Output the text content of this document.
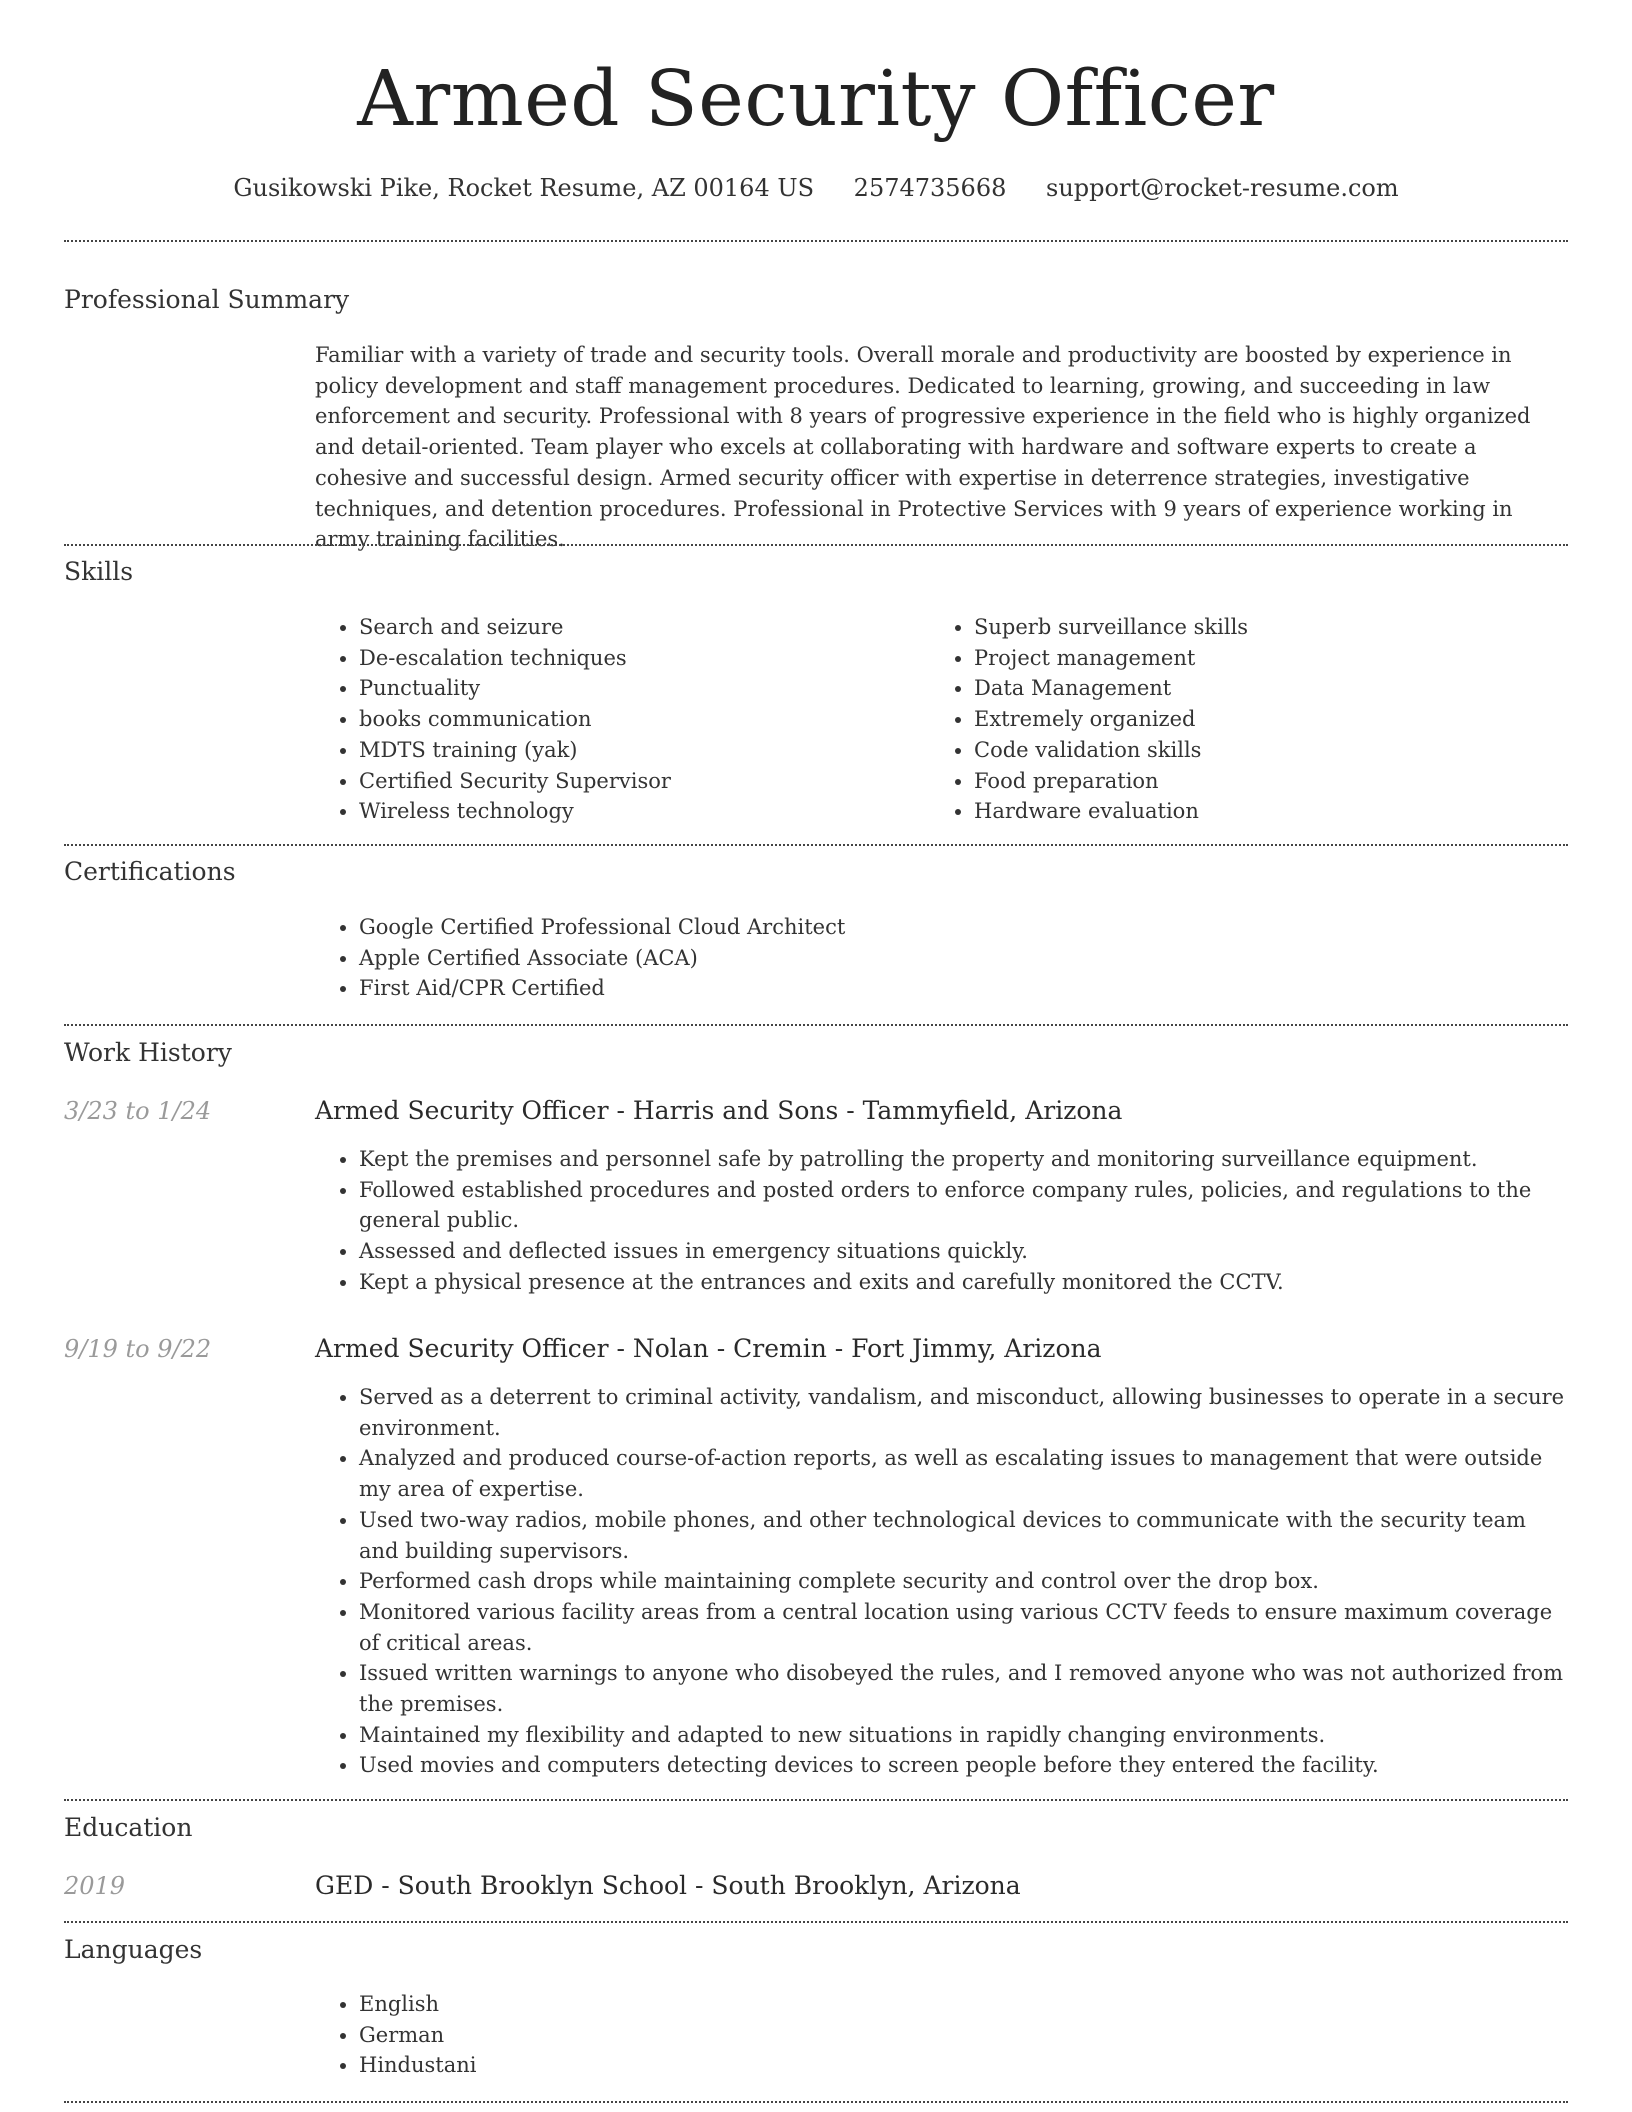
Armed Security Officer
Gusikowski Pike, Rocket Resume, AZ 00164 US 2574735668 support@rocket-resume.com
Professional Summary

Familiar with a variety of trade and security tools. Overall morale and productivity are boosted by experience in policy development and staff management procedures. Dedicated to learning, growing, and succeeding in law enforcement and security. Professional with 8 years of progressive experience in the field who is highly organized and detail-oriented. Team player who excels at collaborating with hardware and software experts to create a cohesive and successful design. Armed security officer with expertise in deterrence strategies, investigative techniques, and detention procedures. Professional in Protective Services with 9 years of experience working in army training facilities.

Skills
• Search and seizure
• De-escalation techniques
• Punctuality
• books communication
• MDTS training (yak)
• Certified Security Supervisor
• Wireless technology
• Superb surveillance skills
• Project management
• Data Management
• Extremely organized
• Code validation skills
• Food preparation
• Hardware evaluation
Certifications
• Google Certified Professional Cloud Architect
• Apple Certified Associate (ACA)
• First Aid/CPR Certified
Work History
3/23 to 1/24	Armed Security Officer - Harris and Sons - Tammyfield, Arizona
• Kept the premises and personnel safe by patrolling the property and monitoring surveillance equipment.
• Followed established procedures and posted orders to enforce company rules, policies, and regulations to the general public.
• Assessed and deflected issues in emergency situations quickly.
• Kept a physical presence at the entrances and exits and carefully monitored the CCTV.
9/19 to 9/22	Armed Security Officer - Nolan - Cremin - Fort Jimmy, Arizona
• Served as a deterrent to criminal activity, vandalism, and misconduct, allowing businesses to operate in a secure environment.
• Analyzed and produced course-of-action reports, as well as escalating issues to management that were outside my area of expertise.
• Used two-way radios, mobile phones, and other technological devices to communicate with the security team and building supervisors.
• Performed cash drops while maintaining complete security and control over the drop box.
• Monitored various facility areas from a central location using various CCTV feeds to ensure maximum coverage of critical areas.
• Issued written warnings to anyone who disobeyed the rules, and I removed anyone who was not authorized from the premises.
• Maintained my flexibility and adapted to new situations in rapidly changing environments.
• Used movies and computers detecting devices to screen people before they entered the facility.
Education
2019	GED - South Brooklyn School - South Brooklyn, Arizona
Languages
• English
• German
• Hindustani
